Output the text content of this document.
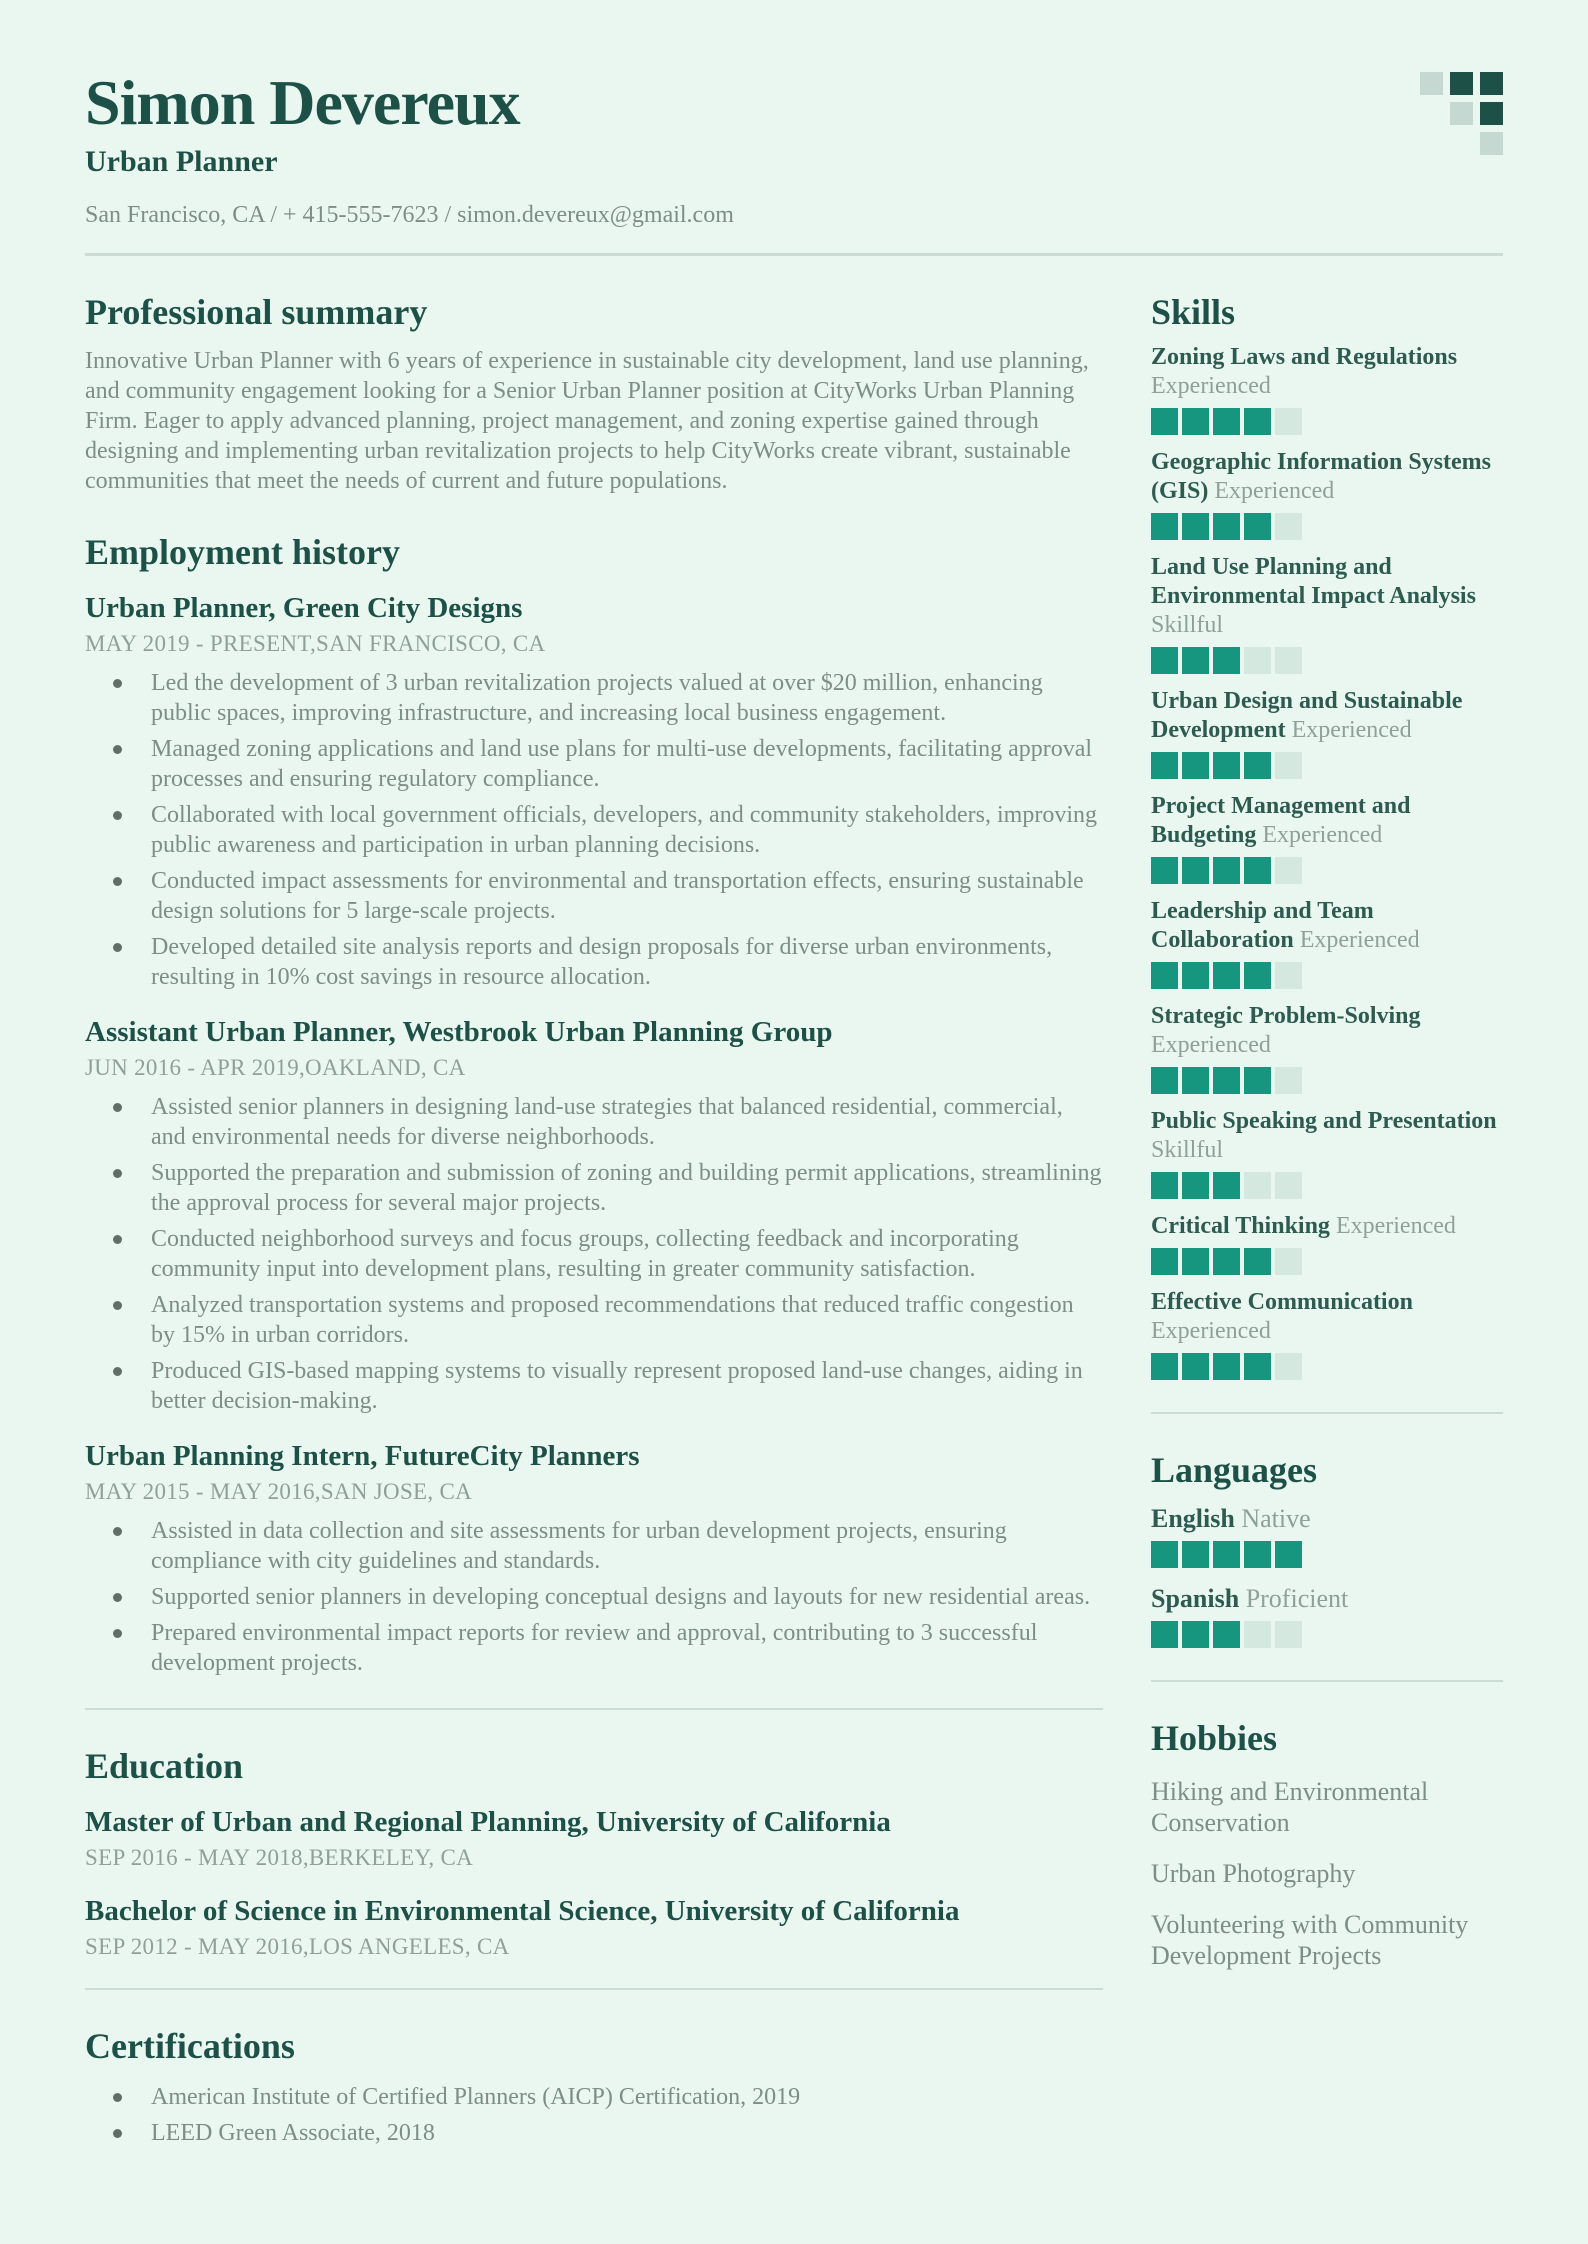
Simon Devereux
Urban Planner
San Francisco, CA / + 415-555-7623 / simon.devereux@gmail.com
Professional summary

Innovative Urban Planner with 6 years of experience in sustainable city development, land use planning, and community engagement looking for a Senior Urban Planner position at CityWorks Urban Planning Firm. Eager to apply advanced planning, project management, and zoning expertise gained through designing and implementing urban revitalization projects to help CityWorks create vibrant, sustainable communities that meet the needs of current and future populations.

Employment history
Urban Planner, Green City Designs
MAY 2019 - PRESENT,SAN FRANCISCO, CA
Led the development of 3 urban revitalization projects valued at over $20 million, enhancing public spaces, improving infrastructure, and increasing local business engagement.
Managed zoning applications and land use plans for multi-use developments, facilitating approval processes and ensuring regulatory compliance.
Collaborated with local government officials, developers, and community stakeholders, improving public awareness and participation in urban planning decisions.
Conducted impact assessments for environmental and transportation effects, ensuring sustainable design solutions for 5 large-scale projects.
Developed detailed site analysis reports and design proposals for diverse urban environments, resulting in 10% cost savings in resource allocation.
Assistant Urban Planner, Westbrook Urban Planning Group
JUN 2016 - APR 2019,OAKLAND, CA
Assisted senior planners in designing land-use strategies that balanced residential, commercial, and environmental needs for diverse neighborhoods.
Supported the preparation and submission of zoning and building permit applications, streamlining the approval process for several major projects.
Conducted neighborhood surveys and focus groups, collecting feedback and incorporating community input into development plans, resulting in greater community satisfaction.
Analyzed transportation systems and proposed recommendations that reduced traffic congestion by 15% in urban corridors.
Produced GIS-based mapping systems to visually represent proposed land-use changes, aiding in better decision-making.
Urban Planning Intern, FutureCity Planners
MAY 2015 - MAY 2016,SAN JOSE, CA
Assisted in data collection and site assessments for urban development projects, ensuring compliance with city guidelines and standards.
Supported senior planners in developing conceptual designs and layouts for new residential areas.
Prepared environmental impact reports for review and approval, contributing to 3 successful development projects.
Education
Master of Urban and Regional Planning, University of California
SEP 2016 - MAY 2018,BERKELEY, CA
Bachelor of Science in Environmental Science, University of California
SEP 2012 - MAY 2016,LOS ANGELES, CA
Certifications
American Institute of Certified Planners (AICP) Certification, 2019
LEED Green Associate, 2018
Skills
Zoning Laws and Regulations Experienced
Geographic Information Systems (GIS) Experienced
Land Use Planning and Environmental Impact Analysis Skillful
Urban Design and Sustainable Development Experienced
Project Management and Budgeting Experienced
Leadership and Team Collaboration Experienced
Strategic Problem-Solving Experienced
Public Speaking and Presentation Skillful
Critical Thinking Experienced
Effective Communication Experienced
Languages
English Native
Spanish Proficient
Hobbies
Hiking and Environmental Conservation
Urban Photography
Volunteering with Community Development Projects
